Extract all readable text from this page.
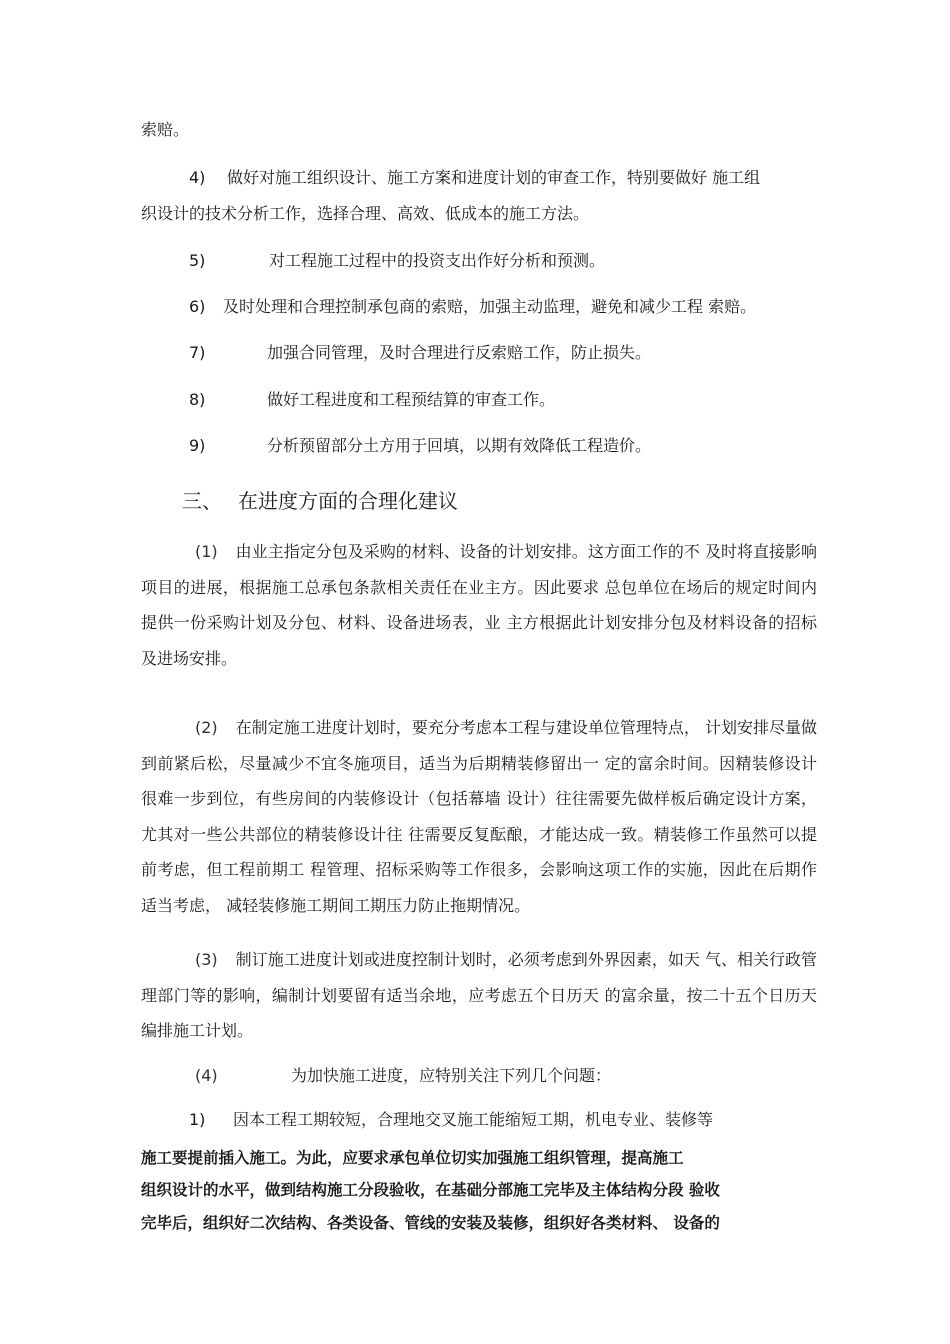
索赔。
4) 做好对施工组织设计、施工方案和进度计划的审查工作，特别要做好 施工组
织设计的技术分析工作，选择合理、高效、低成本的施工方法。
5)	对工程施工过程中的投资支出作好分析和预测。
6) 及时处理和合理控制承包商的索赔，加强主动监理，避免和减少工程 索赔。
7)	加强合同管理，及时合理进行反索赔工作，防止损失。
8)	做好工程进度和工程预结算的审查工作。
9)	分析预留部分土方用于回填，以期有效降低工程造价。
三、 在进度方面的合理化建议
(1) 由业主指定分包及采购的材料、设备的计划安排。这方面工作的不 及时将直接影响项目的进展，根据施工总承包条款相关责任在业主方。因此要求 总包单位在场后的规定时间内提供一份采购计划及分包、材料、设备进场表，业 主方根据此计划安排分包及材料设备的招标及进场安排。
(2) 在制定施工进度计划时，要充分考虑本工程与建设单位管理特点， 计划安排尽量做到前紧后松，尽量减少不宜冬施项目，适当为后期精装修留出一 定的富余时间。因精装修设计很难一步到位，有些房间的内装修设计（包括幕墙 设计）往往需要先做样板后确定设计方案，尤其对一些公共部位的精装修设计往 往需要反复酝酿，才能达成一致。精装修工作虽然可以提前考虑，但工程前期工 程管理、招标采购等工作很多，会影响这项工作的实施，因此在后期作适当考虑， 减轻装修施工期间工期压力防止拖期情况。
(3) 制订施工进度计划或进度控制计划时，必须考虑到外界因素，如天 气、相关行政管理部门等的影响，编制计划要留有适当余地，应考虑五个日历天 的富余量，按二十五个日历天编排施工计划。
(4)	为加快施工进度，应特别关注下列几个问题：
1) 因本工程工期较短，合理地交叉施工能缩短工期，机电专业、装修等
施工要提前插入施工。为此，应要求承包单位切实加强施工组织管理，提高施工
组织设计的水平，做到结构施工分段验收，在基础分部施工完毕及主体结构分段 验收
完毕后，组织好二次结构、各类设备、管线的安装及装修，组织好各类材料、 设备的
